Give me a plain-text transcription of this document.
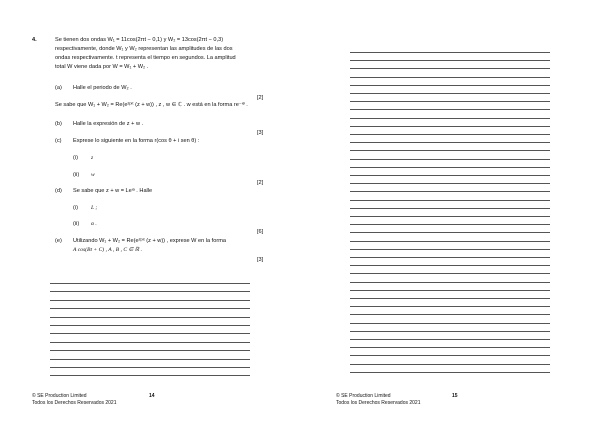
4.	Se tienen dos ondas W₁ = 11cos(2πt − 0,1) y W₂ = 13cos(2πt − 0,3)
respectivamente, donde W₁ y W₂ representan las amplitudes de las dos
ondas respectivamente. t representa el tiempo en segundos. La amplitud
total W viene dada por W = W₁ + W₂ .
(a) Halle el periodo de W₂ .
[2]
Se sabe que W₁ + W₂ = Re(e²ᵖᶦᵗ (z + w)) , z , w ∈ ℂ . w está en la forma re⁻ᶦᶿ .
(b) Halle la expresión de z + w .
[3]
(c) Exprese lo siguiente en la forma r(cos θ + i sen θ) :
(i) z
(ii) w
[2]
(d) Se sabe que z + w = Leᶦᵃ . Halle
(i) L ;
(ii) α .
[6]
(e) Utilizando W₁ + W₂ = Re(e²ᵖᶦᵗ (z + w)) , exprese W en la forma
A cos(Bt + C) , A , B , C ∈ ℝ .
[3]
© SE Production Limited
Todos los Derechos Reservados 2021
14	© SE Production Limited
Todos los Derechos Reservados 2021
15
